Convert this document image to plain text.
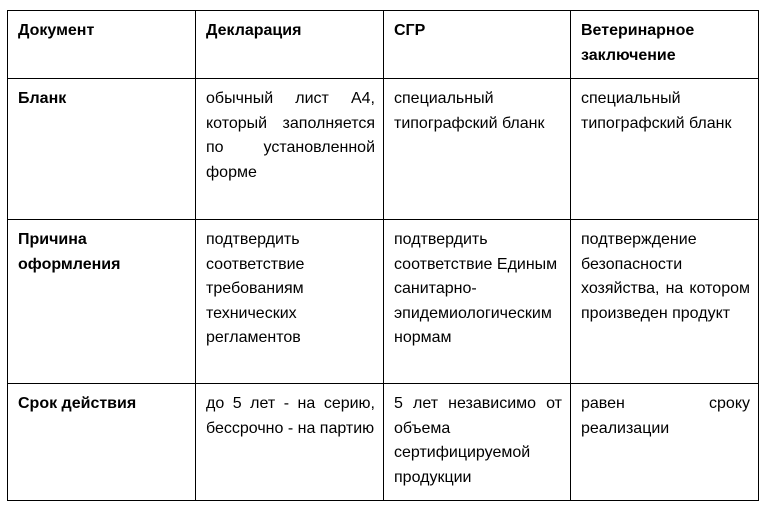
Документ	Декларация	СГР	Ветеринарное заключение
Бланк	обычный лист А4, который заполняется по установленной форме	специальный типографский бланк	специальный типографский бланк
Причина оформления	подтвердить соответствие требованиям технических регламентов	подтвердить соответствие Единым санитарно-эпидемиологическим нормам	подтверждение безопасности хозяйства, на котором произведен продукт
Срок действия	до 5 лет - на серию, бессрочно - на партию	5 лет независимо от объема сертифицируемой продукции	равен сроку реализации
